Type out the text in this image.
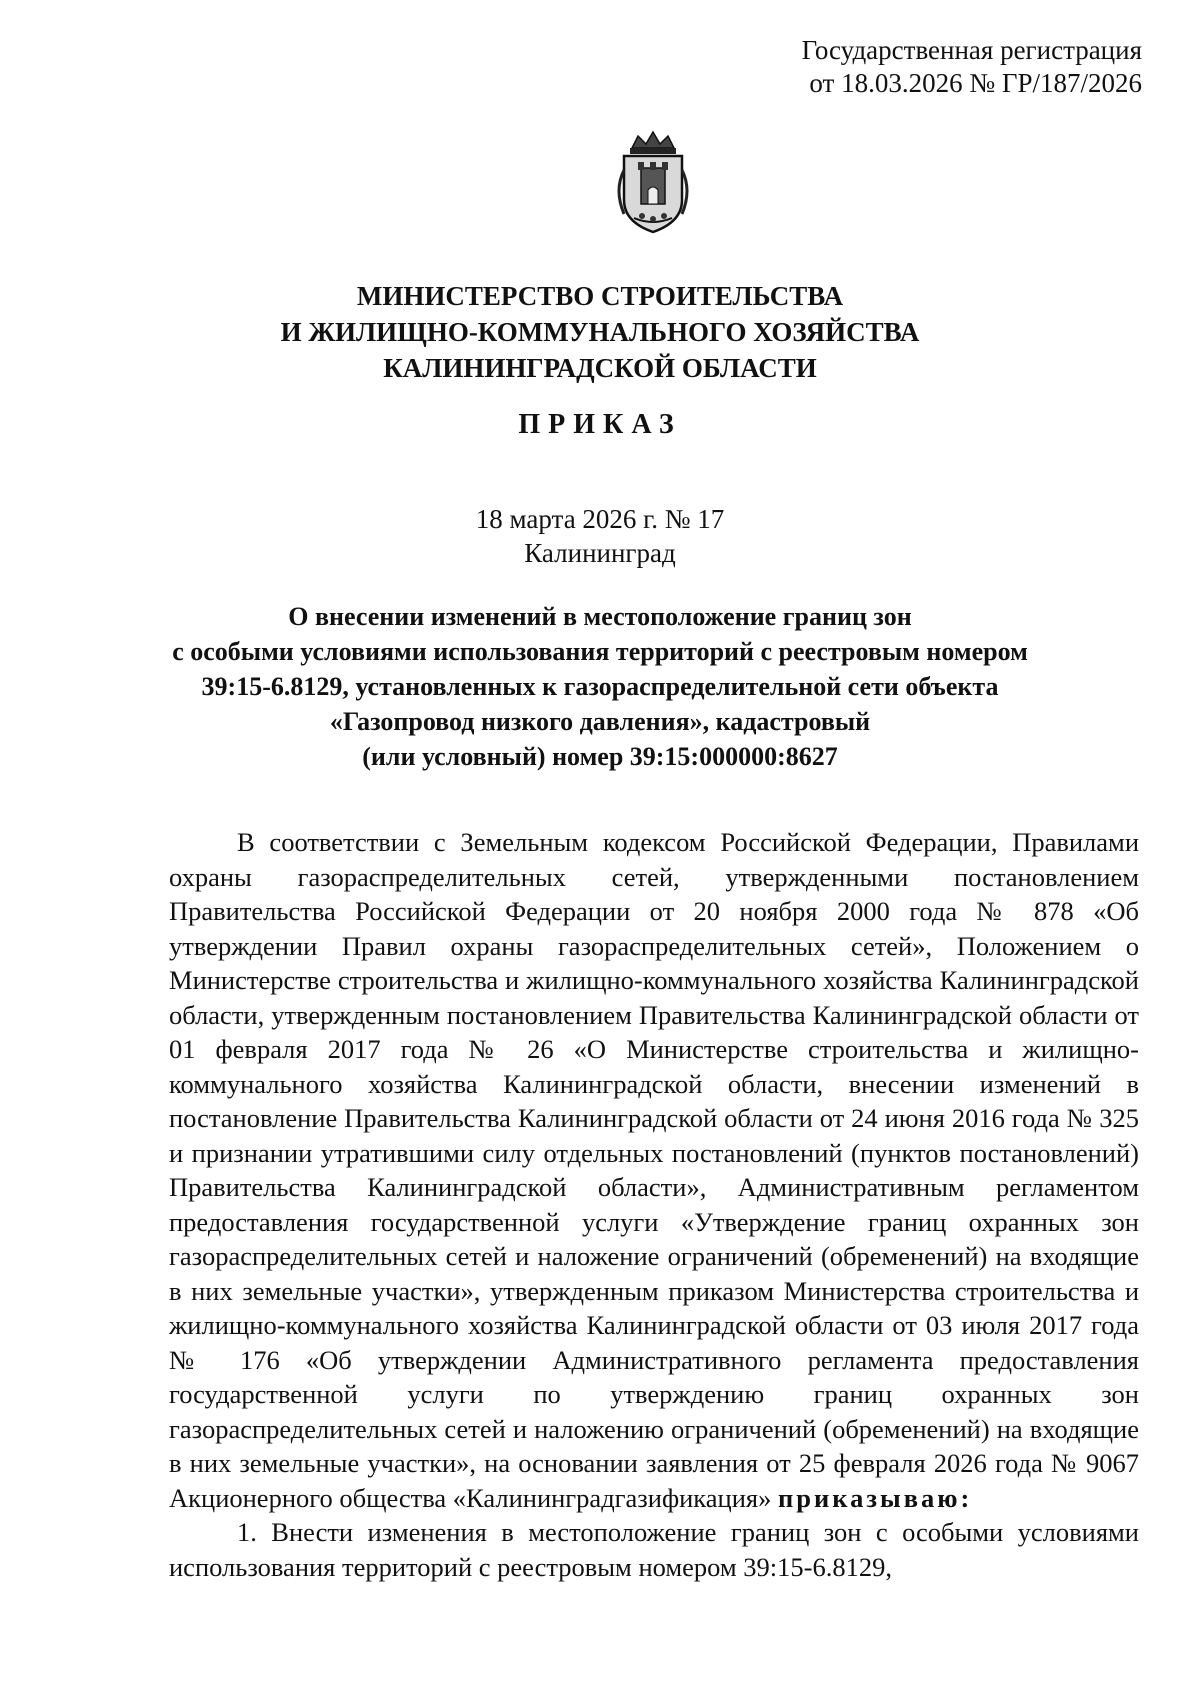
Государственная регистрация
от 18.03.2026 № ГР/187/2026
МИНИСТЕРСТВО СТРОИТЕЛЬСТВА
И ЖИЛИЩНО-КОММУНАЛЬНОГО ХОЗЯЙСТВА
КАЛИНИНГРАДСКОЙ ОБЛАСТИ
ПРИКАЗ
18 марта 2026 г. № 17
Калининград
О внесении изменений в местоположение границ зон
с особыми условиями использования территорий с реестровым номером
39:15-6.8129, установленных к газораспределительной сети объекта
«Газопровод низкого давления», кадастровый
(или условный) номер 39:15:000000:8627

В соответствии с Земельным кодексом Российской Федерации, Правилами охраны газораспределительных сетей, утвержденными постановлением Правительства Российской Федерации от 20 ноября 2000 года № 878 «Об утверждении Правил охраны газораспределительных сетей», Положением о Министерстве строительства и жилищно-коммунального хозяйства Калининградской области, утвержденным постановлением Правительства Калининградской области от 01 февраля 2017 года № 26 «О Министерстве строительства и жилищно-коммунального хозяйства Калининградской области, внесении изменений в постановление Правительства Калининградской области от 24 июня 2016 года № 325 и признании утратившими силу отдельных постановлений (пунктов постановлений) Правительства Калининградской области», Административным регламентом предоставления государственной услуги «Утверждение границ охранных зон газораспределительных сетей и наложение ограничений (обременений) на входящие в них земельные участки», утвержденным приказом Министерства строительства и жилищно-коммунального хозяйства Калининградской области от 03 июля 2017 года № 176 «Об утверждении Административного регламента предоставления государственной услуги по утверждению границ охранных зон газораспределительных сетей и наложению ограничений (обременений) на входящие в них земельные участки», на основании заявления от 25 февраля 2026 года № 9067 Акционерного общества «Калининградгазификация» приказываю:

1. Внести изменения в местоположение границ зон с особыми условиями использования территорий с реестровым номером 39:15-6.8129,
